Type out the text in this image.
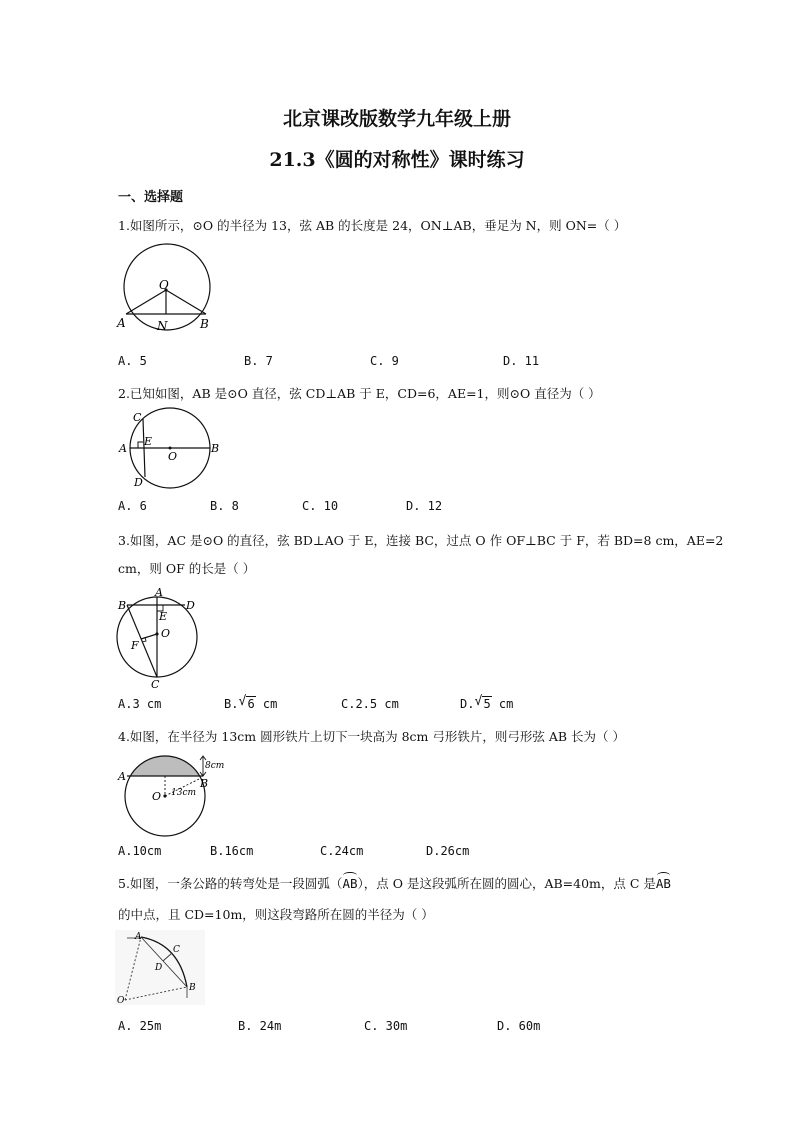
北京课改版数学九年级上册
21.3《圆的对称性》课时练习
一、选择题
1.如图所示，⊙O 的半径为 13，弦 AB 的长度是 24，ON⊥AB，垂足为 N，则 ON=（ ）
O
A	N	B
A. 5	B. 7	C. 9	D. 11
2.已知如图，AB 是⊙O 直径，弦 CD⊥AB 于 E，CD=6，AE=1，则⊙O 直径为（ ）
C
A
E
O
B
D
A. 6	B. 8	C. 10	D. 12
3.如图，AC 是⊙O 的直径，弦 BD⊥AO 于 E，连接 BC，过点 O 作 OF⊥BC 于 F，若 BD=8 cm，AE=2
cm，则 OF 的长是（ ）
A
B	D
E
O
F
C
A.3 cm	B. √ 6 cm	C.2.5 cm	D. √ 5 cm
4.如图，在半径为 13cm 圆形铁片上切下一块高为 8cm 弓形铁片，则弓形弦 AB 长为（ ）
A
B
O
8cm
13cm
A.10cm	B.16cm	C.24cm	D.26cm
5.如图，一条公路的转弯处是一段圆弧（AB），点 O 是这段弧所在圆的圆心，AB=40m，点 C 是AB
的中点，且 CD=10m，则这段弯路所在圆的半径为（ ）
A
C
D
O
B
A. 25m	B. 24m	C. 30m	D. 60m
